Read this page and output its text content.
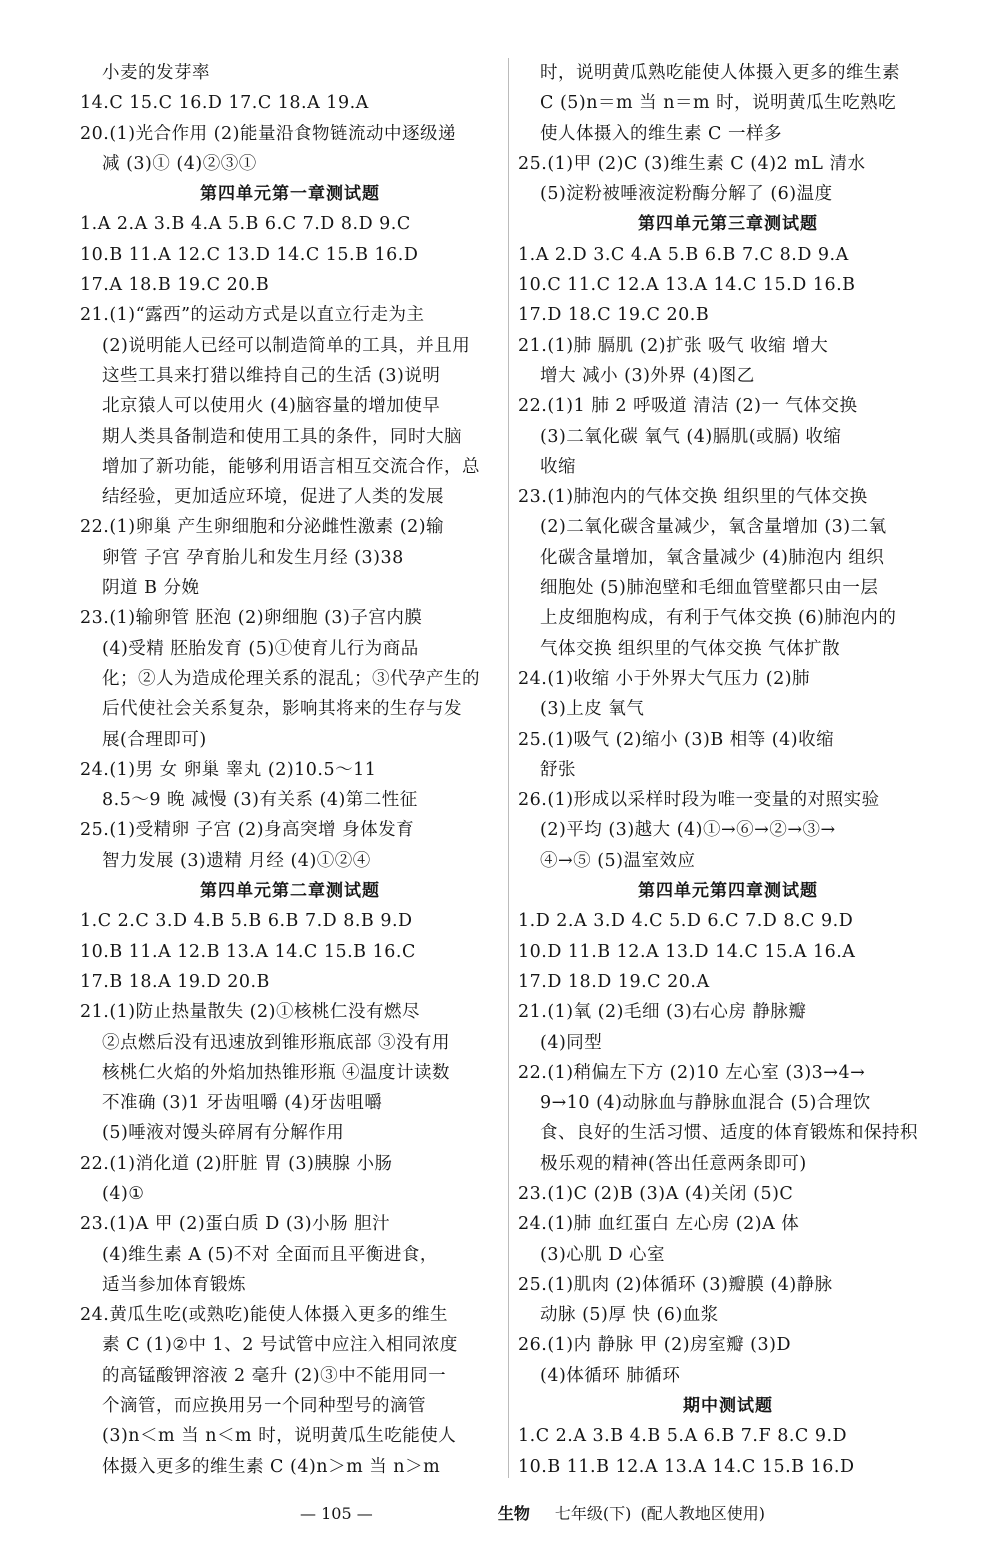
小麦的发芽率
14.C 15.C 16.D 17.C 18.A 19.A
20.(1)光合作用 (2)能量沿食物链流动中逐级递
减 (3)① (4)②③①
第四单元第一章测试题
1.A 2.A 3.B 4.A 5.B 6.C 7.D 8.D 9.C
10.B 11.A 12.C 13.D 14.C 15.B 16.D
17.A 18.B 19.C 20.B
21.(1)“露西”的运动方式是以直立行走为主
(2)说明能人已经可以制造简单的工具，并且用
这些工具来打猎以维持自己的生活 (3)说明
北京猿人可以使用火 (4)脑容量的增加使早
期人类具备制造和使用工具的条件，同时大脑
增加了新功能，能够利用语言相互交流合作，总
结经验，更加适应环境，促进了人类的发展
22.(1)卵巢 产生卵细胞和分泌雌性激素 (2)输
卵管 子宫 孕育胎儿和发生月经 (3)38
阴道 B 分娩
23.(1)输卵管 胚泡 (2)卵细胞 (3)子宫内膜
(4)受精 胚胎发育 (5)①使育儿行为商品
化；②人为造成伦理关系的混乱；③代孕产生的
后代使社会关系复杂，影响其将来的生存与发
展(合理即可)
24.(1)男 女 卵巢 睾丸 (2)10.5～11
8.5～9 晚 减慢 (3)有关系 (4)第二性征
25.(1)受精卵 子宫 (2)身高突增 身体发育
智力发展 (3)遗精 月经 (4)①②④
第四单元第二章测试题
1.C 2.C 3.D 4.B 5.B 6.B 7.D 8.B 9.D
10.B 11.A 12.B 13.A 14.C 15.B 16.C
17.B 18.A 19.D 20.B
21.(1)防止热量散失 (2)①核桃仁没有燃尽
②点燃后没有迅速放到锥形瓶底部 ③没有用
核桃仁火焰的外焰加热锥形瓶 ④温度计读数
不准确 (3)1 牙齿咀嚼 (4)牙齿咀嚼
(5)唾液对馒头碎屑有分解作用
22.(1)消化道 (2)肝脏 胃 (3)胰腺 小肠
(4)①
23.(1)A 甲 (2)蛋白质 D (3)小肠 胆汁
(4)维生素 A (5)不对 全面而且平衡进食，
适当参加体育锻炼
24.黄瓜生吃(或熟吃)能使人体摄入更多的维生
素 C (1)②中 1、2 号试管中应注入相同浓度
的高锰酸钾溶液 2 毫升 (2)③中不能用同一
个滴管，而应换用另一个同种型号的滴管
(3)n＜m 当 n＜m 时，说明黄瓜生吃能使人
体摄入更多的维生素 C (4)n＞m 当 n＞m
时，说明黄瓜熟吃能使人体摄入更多的维生素
C (5)n＝m 当 n＝m 时，说明黄瓜生吃熟吃
使人体摄入的维生素 C 一样多
25.(1)甲 (2)C (3)维生素 C (4)2 mL 清水
(5)淀粉被唾液淀粉酶分解了 (6)温度
第四单元第三章测试题
1.A 2.D 3.C 4.A 5.B 6.B 7.C 8.D 9.A
10.C 11.C 12.A 13.A 14.C 15.D 16.B
17.D 18.C 19.C 20.B
21.(1)肺 膈肌 (2)扩张 吸气 收缩 增大
增大 减小 (3)外界 (4)图乙
22.(1)1 肺 2 呼吸道 清洁 (2)一 气体交换
(3)二氧化碳 氧气 (4)膈肌(或膈) 收缩
收缩
23.(1)肺泡内的气体交换 组织里的气体交换
(2)二氧化碳含量减少，氧含量增加 (3)二氧
化碳含量增加，氧含量减少 (4)肺泡内 组织
细胞处 (5)肺泡壁和毛细血管壁都只由一层
上皮细胞构成，有利于气体交换 (6)肺泡内的
气体交换 组织里的气体交换 气体扩散
24.(1)收缩 小于外界大气压力 (2)肺
(3)上皮 氧气
25.(1)吸气 (2)缩小 (3)B 相等 (4)收缩
舒张
26.(1)形成以采样时段为唯一变量的对照实验
(2)平均 (3)越大 (4)①→⑥→②→③→
④→⑤ (5)温室效应
第四单元第四章测试题
1.D 2.A 3.D 4.C 5.D 6.C 7.D 8.C 9.D
10.D 11.B 12.A 13.D 14.C 15.A 16.A
17.D 18.D 19.C 20.A
21.(1)氧 (2)毛细 (3)右心房 静脉瓣
(4)同型
22.(1)稍偏左下方 (2)10 左心室 (3)3→4→
9→10 (4)动脉血与静脉血混合 (5)合理饮
食、良好的生活习惯、适度的体育锻炼和保持积
极乐观的精神(答出任意两条即可)
23.(1)C (2)B (3)A (4)关闭 (5)C
24.(1)肺 血红蛋白 左心房 (2)A 体
(3)心肌 D 心室
25.(1)肌肉 (2)体循环 (3)瓣膜 (4)静脉
动脉 (5)厚 快 (6)血浆
26.(1)内 静脉 甲 (2)房室瓣 (3)D
(4)体循环 肺循环
期中测试题
1.C 2.A 3.B 4.B 5.A 6.B 7.F 8.C 9.D
10.B 11.B 12.A 13.A 14.C 15.B 16.D
— 105 —	生物 七年级(下) (配人教地区使用)
